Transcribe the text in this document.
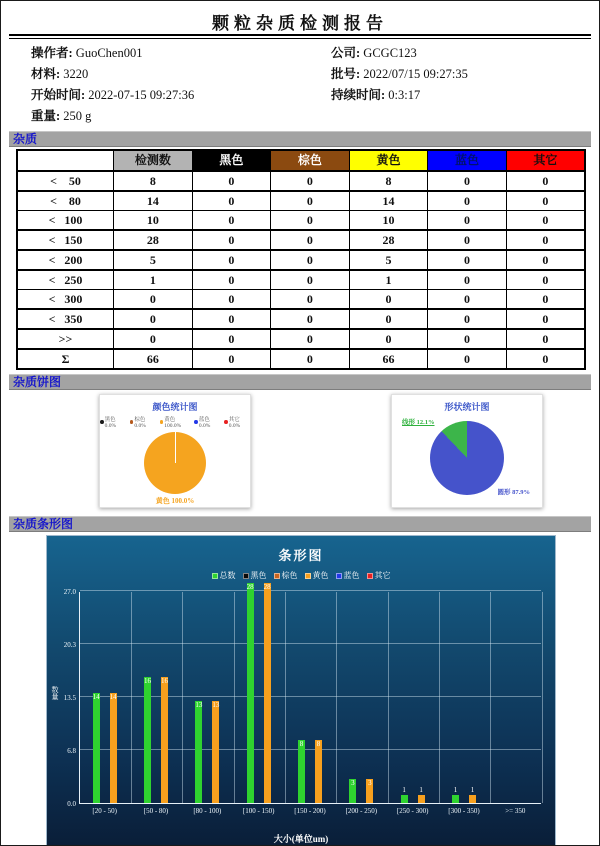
颗粒杂质检测报告
操作者: GuoChen001
材料: 3220
开始时间: 2022-07-15 09:27:36
重量: 250 g
公司: GCGC123
批号: 2022/07/15 09:27:35
持续时间: 0:3:17
杂质
	检测数	黑色	棕色	黄色	蓝色	其它
<    50	8	0	0	8	0	0
<    80	14	0	0	14	0	0
<   100	10	0	0	10	0	0
<   150	28	0	0	28	0	0
<   200	5	0	0	5	0	0
<   250	1	0	0	1	0	0
<   300	0	0	0	0	0	0
<   350	0	0	0	0	0	0
>>	0	0	0	0	0	0
Σ	66	0	0	66	0	0
杂质饼图
颜色统计图
黑色 0.0%
棕色 0.0%
黄色 100.0%
蓝色 0.0%
其它 0.0%
黄色 100.0%
形状统计图
线形 12.1%
圆形 87.9%
杂质条形图
条形图
总数 黑色 棕色 黄色 蓝色 其它
14 14
16 16
13 13
28 28
8 8
3 3
1 1	1 1
数量
大小(单位um)
27.0
20.3
13.5
6.8
0.0
[20 - 50)	[50 - 80)	[80 - 100)	[100 - 150)	[150 - 200)	[200 - 250)	[250 - 300)	[300 - 350)	>= 350
